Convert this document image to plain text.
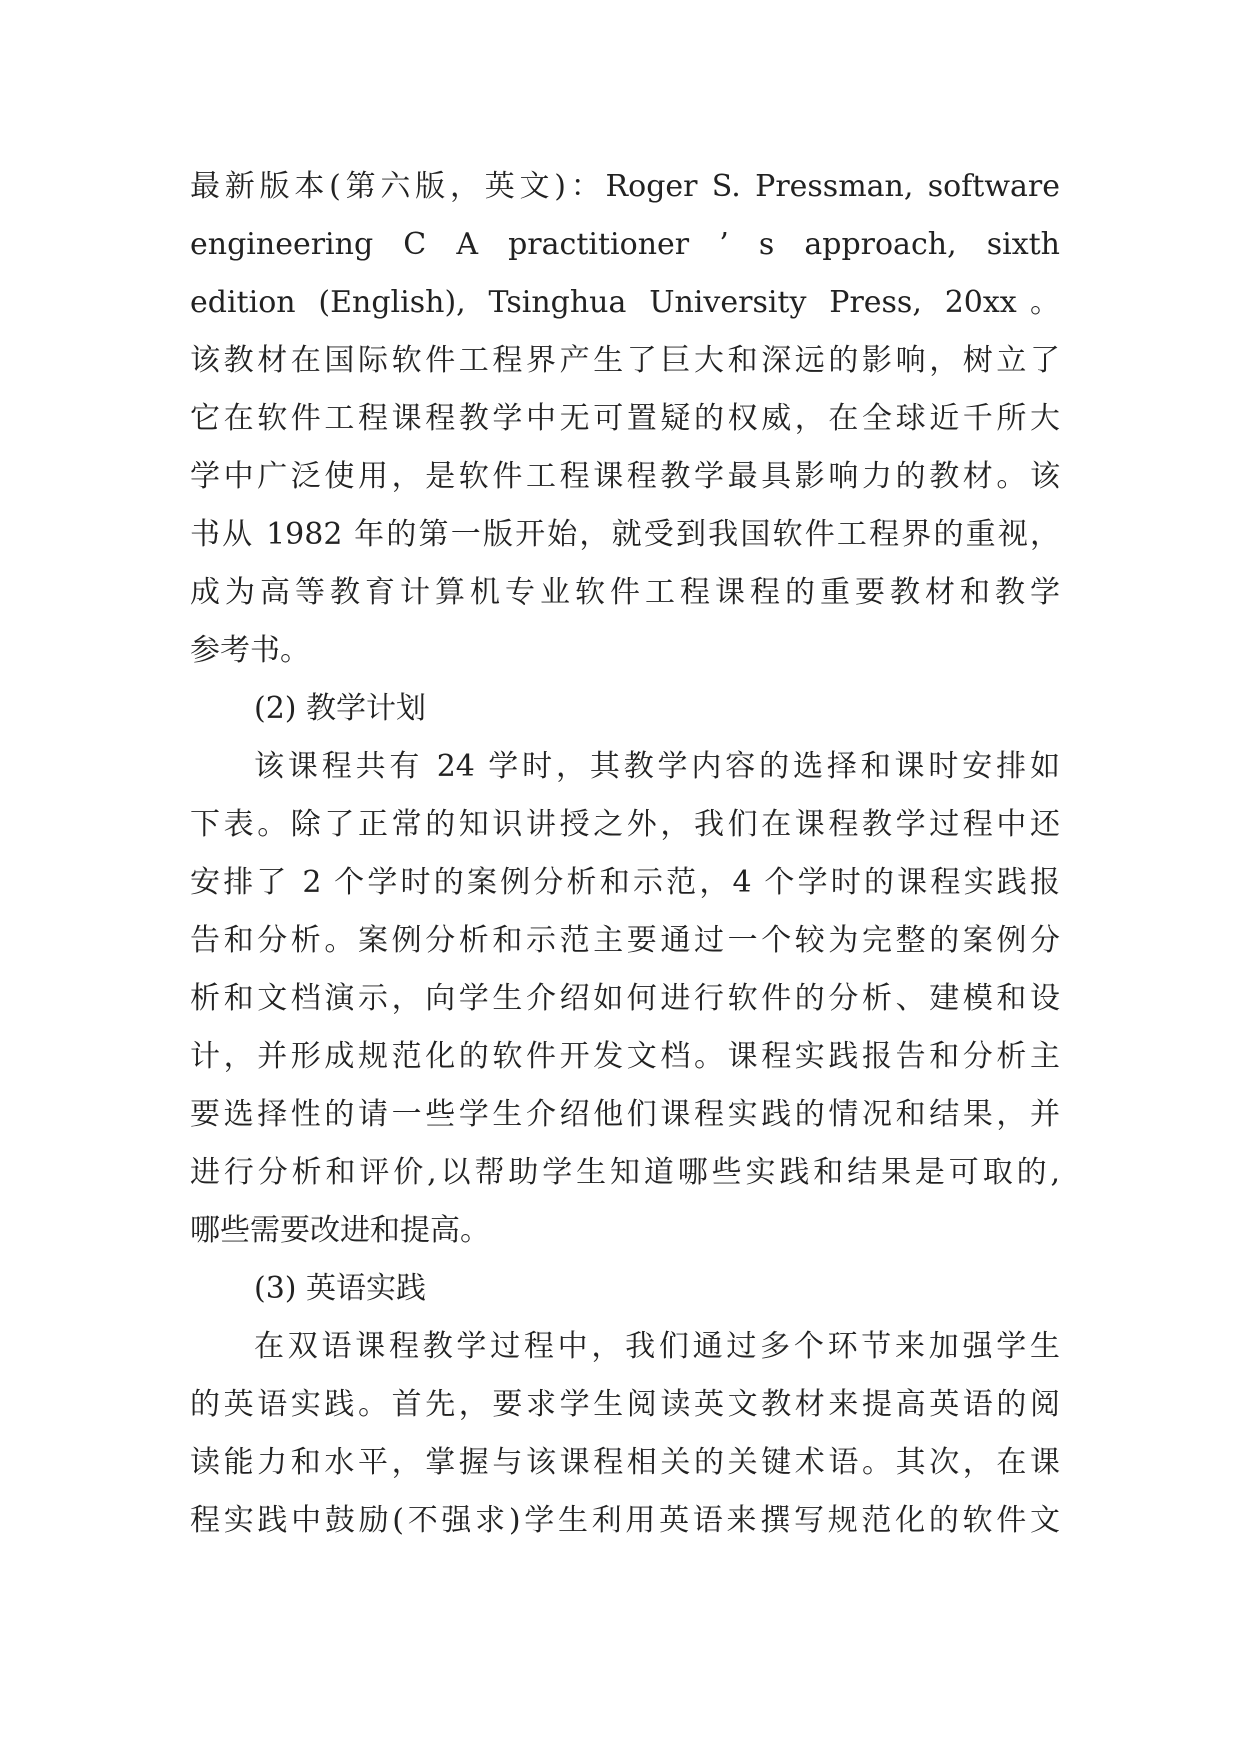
最新版本(第六版，英文)：Roger S. Pressman, software
engineering C A practitioner ’ s approach, sixth
edition (English), Tsinghua University Press, 20xx。
该教材在国际软件工程界产生了巨大和深远的影响，树立了
它在软件工程课程教学中无可置疑的权威，在全球近千所大
学中广泛使用，是软件工程课程教学最具影响力的教材。该
书从 1982 年的第一版开始，就受到我国软件工程界的重视，
成为高等教育计算机专业软件工程课程的重要教材和教学
参考书。
(2) 教学计划
该课程共有 24 学时，其教学内容的选择和课时安排如
下表。除了正常的知识讲授之外，我们在课程教学过程中还
安排了 2 个学时的案例分析和示范，4 个学时的课程实践报
告和分析。案例分析和示范主要通过一个较为完整的案例分
析和文档演示，向学生介绍如何进行软件的分析、建模和设
计，并形成规范化的软件开发文档。课程实践报告和分析主
要选择性的请一些学生介绍他们课程实践的情况和结果，并
进行分析和评价,以帮助学生知道哪些实践和结果是可取的,
哪些需要改进和提高。
(3) 英语实践
在双语课程教学过程中，我们通过多个环节来加强学生
的英语实践。首先，要求学生阅读英文教材来提高英语的阅
读能力和水平，掌握与该课程相关的关键术语。其次，在课
程实践中鼓励(不强求)学生利用英语来撰写规范化的软件文
